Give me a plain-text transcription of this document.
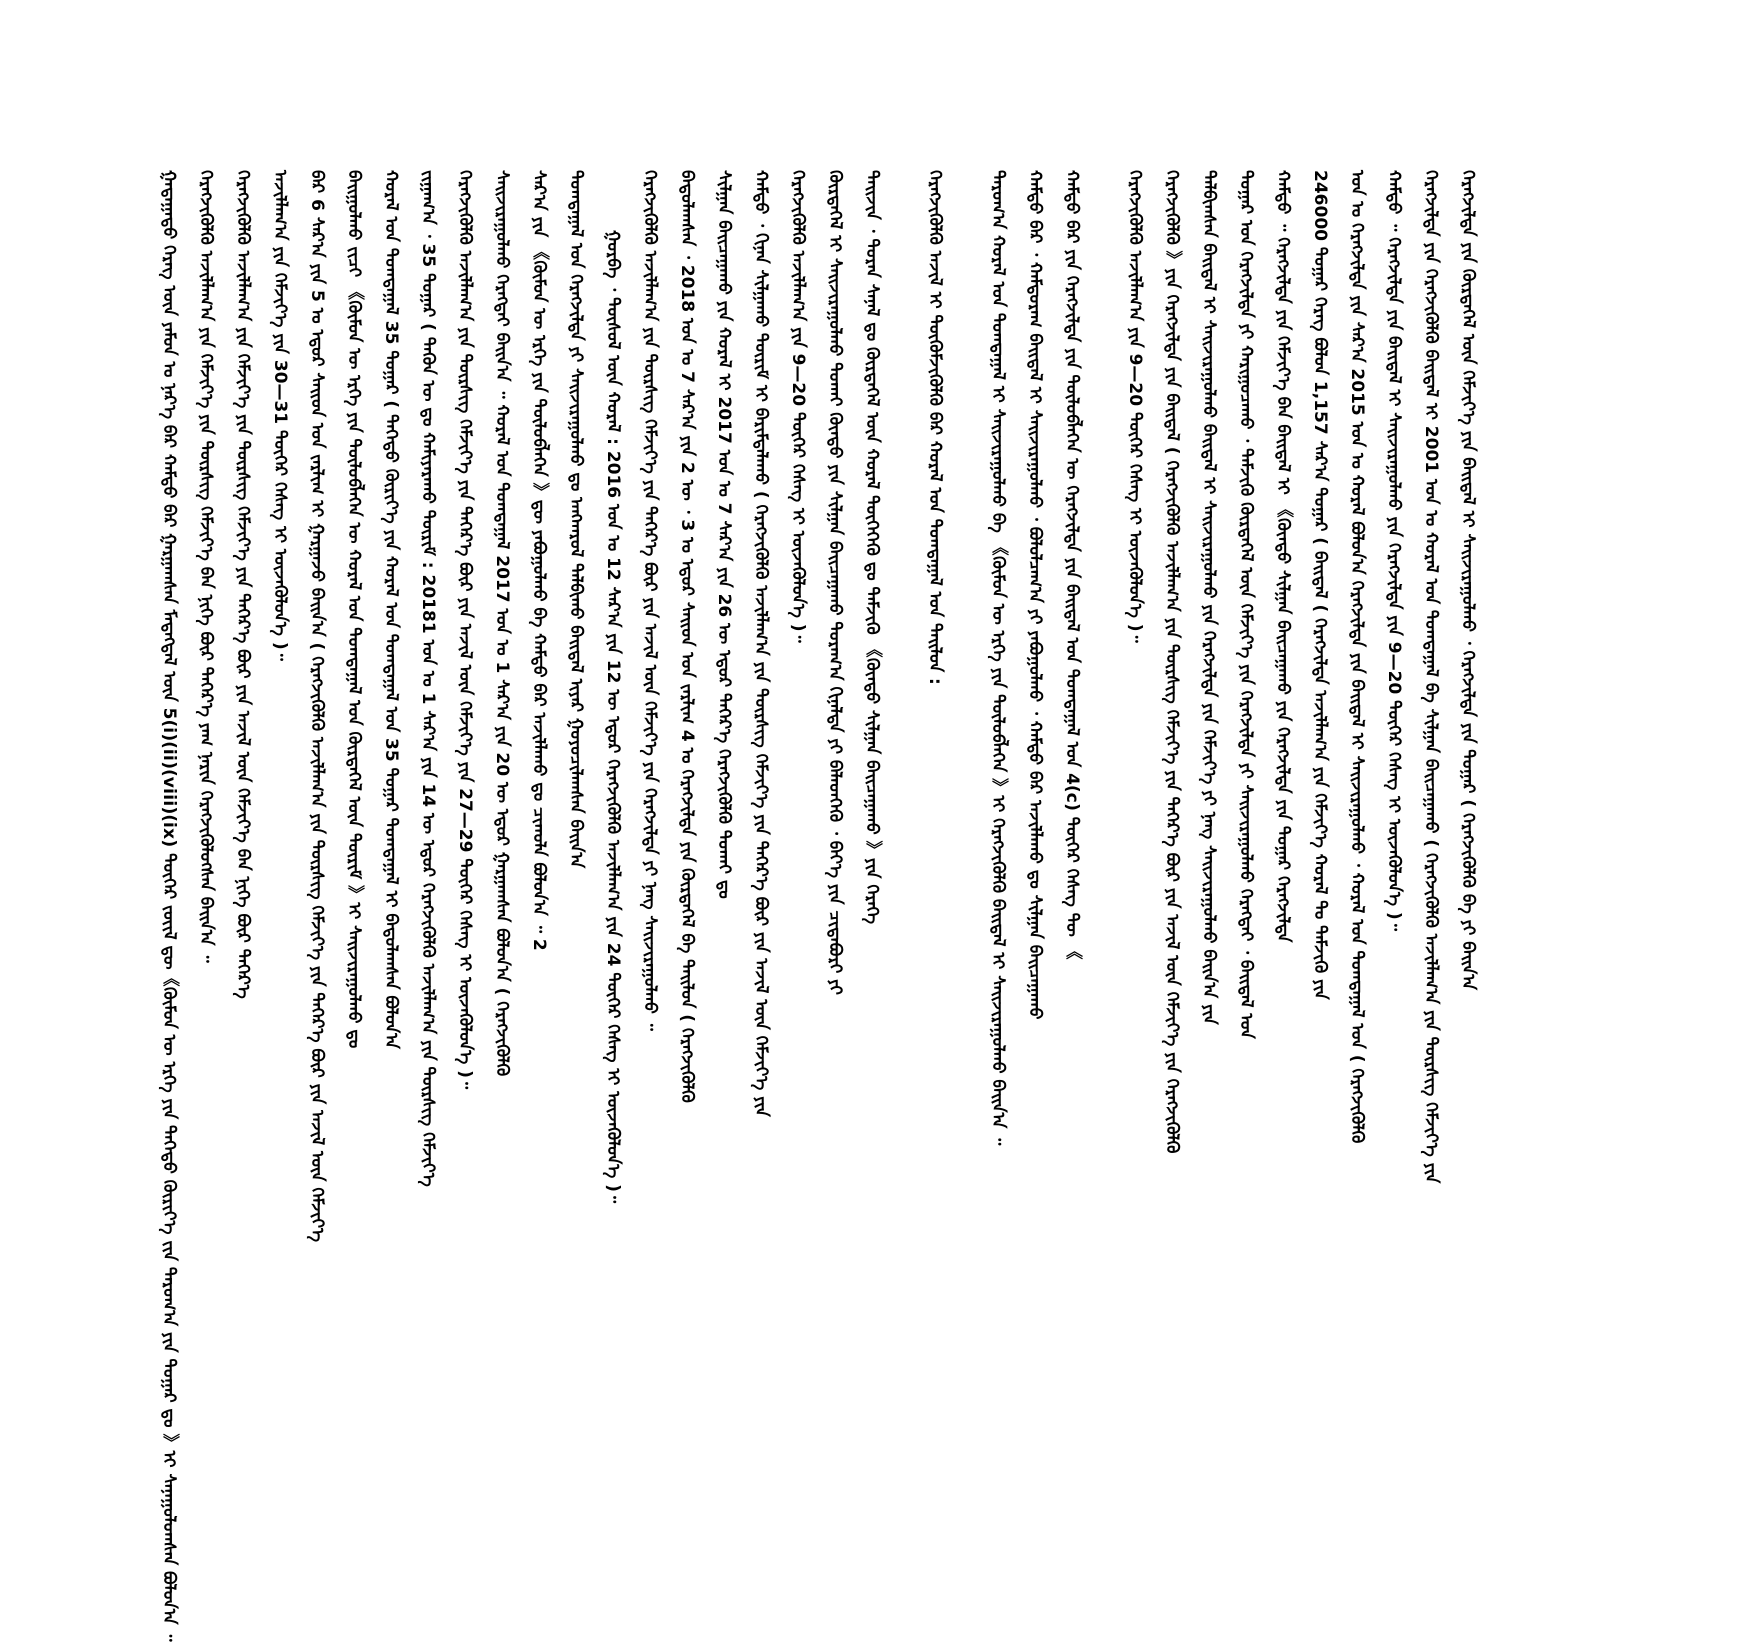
ᠭᠠᠳᠠᠭᠠᠳᠤ ᠬᠡᠷᠡᠭ ᠦᠨ ᠶᠠᠮᠤᠨ ᠤ ᠨᠡᠷ᠎ᠡ ᠪᠡᠷ ᠬᠠᠮᠲᠤ ᠪᠡᠷ ᠭᠠᠷᠭᠠᠭᠰᠠᠨ ᠮᠡᠳᠡᠭᠳᠡᠯ ᠦᠨ 5(i)(ii)(viii)(ix) ᠳᠦᠭᠡᠷ ᠵᠦᠢᠯ ᠳᠦ《ᠬᠦᠮᠦᠨ ᠦ ᠡᠷᠬᠡ ᠶᠢᠨ ᠳᠡᠭᠡᠳᠦ ᠬᠦᠷᠢᠶ᠎ᠡ ᠵᠢᠨ ᠳᠠᠷᠤᠭ᠎ᠠ ᠶᠢᠨ ᠳᠤᠭᠠᠷ ᠳᠤ 》ᠢ ᠰᠠᠨᠠᠭᠤᠯᠤᠭᠰᠠᠨ ᠪᠣᠯᠤᠨ᠎ᠠ ᠃	ᠬᠡᠷᠡᠭᠵᠢᠭᠦᠯᠬᠦ ᠠᠵᠢᠯᠯᠠᠭ᠎ᠠ ᠶᠢᠨ ᠬᠡᠮᠵᠢᠶ᠎ᠡ ᠶᠢᠨ ᠲᠦᠷᠰᠢᠭ ᠬᠡᠮᠵᠢᠶ᠎ᠡ ᠪᠡᠨ ᠨᠢᠭᠡ ᠪᠦᠷ ᠳᠡᠭᠡᠷ᠎ᠡ ᠶᠠᠭ ᠨᠠᠷᠢᠨ ᠬᠡᠷᠡᠭᠵᠢᠭᠦᠯᠦᠭᠰᠡᠨ ᠪᠠᠢᠨ᠎ᠠ ᠃	ᠬᠡᠷᠡᠭᠵᠢᠭᠦᠯᠬᠦ ᠠᠵᠢᠯᠯᠠᠭ᠎ᠠ ᠶᠢᠨ ᠬᠡᠮᠵᠢᠶ᠎ᠡ ᠶᠢᠨ ᠲᠦᠷᠰᠢᠭ ᠬᠡᠮᠵᠢᠶ᠎ᠡ ᠶᠢᠨ ᠳᠡᠭᠡᠷ᠎ᠡ ᠪᠦᠷ ᠶᠢᠨ ᠠᠵᠢᠯ ᠦᠨ ᠬᠡᠮᠵᠢᠶ᠎ᠡ ᠪᠡᠨ ᠨᠢᠭᠡ ᠪᠦᠷ ᠳᠡᠭᠡᠷ᠎ᠡ	ᠠᠵᠢᠯᠯᠠᠭ᠎ᠠ ᠶᠢᠨ ᠬᠡᠮᠵᠢᠶ᠎ᠡ ᠶᠢᠨ 30—31 ᠳᠦᠭᠡᠷ ᠬᠡᠰᠡᠭ ᠢ ᠦᠵᠡᠭᠦᠯᠦᠨ᠎ᠡ )᠃	ᠪᠠᠷ 6 ᠰᠠᠷ᠎ᠠ ᠶᠢᠨ 5 ᠤ ᠡᠳᠦᠷ ᠰᠠᠢᠳ ᠤᠨ ᠵᠠᠷᠯᠢᠭ ᠢ ᠭᠠᠷᠭᠠᠵᠤ ᠪᠠᠢᠨ᠎ᠠ ( ᠬᠡᠷᠡᠭᠵᠢᠭᠦᠯᠬᠦ ᠠᠵᠢᠯᠯᠠᠭ᠎ᠠ ᠶᠢᠨ ᠲᠦᠷᠰᠢᠭ ᠬᠡᠮᠵᠢᠶ᠎ᠡ ᠶᠢᠨ ᠳᠡᠭᠡᠷ᠎ᠡ ᠪᠦᠷ ᠶᠢᠨ ᠠᠵᠢᠯ ᠦᠨ ᠬᠡᠮᠵᠢᠶ᠎ᠡ	ᠪᠠᠢᠭᠤᠯᠬᠤ ᠵᠢᠴᠢ 《ᠬᠦᠮᠦᠨ ᠦ ᠡᠷᠬᠡ ᠶᠢᠨ ᠲᠥᠯᠥᠪᠯᠡᠭᠡᠨ ᠦ ᠬᠤᠷᠠᠯ ᠤᠨ ᠲᠣᠭᠲᠠᠭᠠᠯ ᠤᠨ ᠬᠦᠷᠲᠡᠭᠡᠯ ᠦᠨ ᠳᠦᠷᠢᠮ 》ᠢ ᠰᠠᠢᠵᠢᠷᠠᠭᠤᠯᠬᠤ ᠳᠤ	ᠬᠤᠷᠠᠯ ᠤᠨ ᠲᠣᠭᠲᠠᠭᠠᠯ 35 ᠳᠤᠭᠠᠷ ( ᠳᠡᠭᠡᠳᠦ ᠬᠦᠷᠢᠶ᠎ᠡ ᠶᠢᠨ ᠬᠤᠷᠠᠯ ᠤᠨ ᠲᠣᠭᠲᠠᠭᠠᠯ ᠤᠨ 35 ᠳᠤᠭᠠᠷ ᠲᠣᠭᠲᠠᠭᠠᠯ ᠢ ᠪᠠᠲᠤᠯᠠᠭᠰᠠᠨ ᠪᠣᠯᠤᠨ᠎ᠠ	ᠵᠢᠭᠠᠭ᠎ᠠ ᠂ 35 ᠳᠤᠭᠠᠷ ( ᠲᠡᠭᠦᠨ ᠦ ᠳᠤ ᠬᠠᠮᠢᠶᠠᠷᠠᠬᠤ ᠳᠦᠷᠢᠮ : 20181 ᠣᠨ ᠤ 1 ᠰᠠᠷ᠎ᠠ ᠶᠢᠨ 14 ᠦ ᠡᠳᠦᠷ ᠬᠡᠷᠡᠭᠵᠢᠭᠦᠯᠬᠦ ᠠᠵᠢᠯᠯᠠᠭ᠎ᠠ ᠶᠢᠨ ᠲᠦᠷᠰᠢᠭ ᠬᠡᠮᠵᠢᠶ᠎ᠡ	ᠬᠡᠷᠡᠭᠵᠢᠭᠦᠯᠬᠦ ᠠᠵᠢᠯᠯᠠᠭ᠎ᠠ ᠶᠢᠨ ᠲᠦᠷᠰᠢᠭ ᠬᠡᠮᠵᠢᠶ᠎ᠡ ᠶᠢᠨ ᠳᠡᠭᠡᠷ᠎ᠡ ᠪᠦᠷ ᠶᠢᠨ ᠠᠵᠢᠯ ᠦᠨ ᠬᠡᠮᠵᠢᠶ᠎ᠡ ᠶᠢᠨ 27—29 ᠳᠦᠭᠡᠷ ᠬᠡᠰᠡᠭ ᠢ ᠦᠵᠡᠭᠦᠯᠦᠨ᠎ᠡ )᠃	ᠰᠠᠢᠵᠢᠷᠠᠭᠤᠯᠬᠤ ᠬᠡᠷᠡᠭᠲᠡᠢ ᠪᠠᠢᠨ᠎ᠠ ᠃ ᠬᠤᠷᠠᠯ ᠤᠨ ᠲᠣᠭᠲᠠᠭᠠᠯ 2017 ᠣᠨ ᠤ 1 ᠰᠠᠷ᠎ᠠ ᠶᠢᠨ 20 ᠦ ᠡᠳᠦᠷ ᠭᠠᠷᠭᠠᠭᠰᠠᠨ ᠪᠣᠯᠤᠨ᠎ᠠ ( ᠬᠡᠷᠡᠭᠵᠢᠭᠦᠯᠬᠦ	ᠰᠠᠷ᠎ᠠ ᠶᠢᠨ 《ᠬᠦᠮᠦᠨ ᠦ ᠡᠷᠬᠡ ᠶᠢᠨ ᠲᠥᠯᠥᠪᠯᠡᠭᠡᠨ 》ᠳᠦ ᠶᠠᠪᠤᠭᠤᠯᠬᠤ ᠪᠠ ᠬᠠᠮᠲᠤ ᠪᠡᠷ ᠠᠵᠢᠯᠯᠠᠬᠤ ᠳᠤ ᠴᠢᠬᠤᠯᠠ ᠪᠣᠯᠤᠨ᠎ᠠ ᠃ 2	ᠲᠣᠭᠲᠠᠭᠠᠯ ᠤᠨ ᠬᠡᠷᠡᠭᠵᠢᠯᠲᠡ ᠶᠢ ᠰᠠᠢᠵᠢᠷᠠᠭᠤᠯᠬᠤ ᠳᠤ ᠠᠩᠬᠠᠷᠤᠯ ᠲᠠᠯᠪᠢᠬᠤ ᠪᠠᠢᠳᠠᠯ ᠢᠶᠠᠷ ᠭᠤᠶᠤᠴᠢᠯᠠᠭᠰᠠᠨ ᠪᠠᠢᠨ᠎ᠠ	ᠭᠤᠷᠪᠠ ᠂ ᠲᠥᠰᠦᠯ ᠦᠨ ᠬᠤᠷᠠᠯ : 2016 ᠣᠨ ᠤ 12 ᠰᠠᠷ᠎ᠠ ᠶᠢᠨ 12 ᠦ ᠡᠳᠦᠷ ᠬᠡᠷᠡᠭᠵᠢᠭᠦᠯᠬᠦ ᠠᠵᠢᠯᠯᠠᠭ᠎ᠠ ᠶᠢᠨ 24 ᠳᠦᠭᠡᠷ ᠬᠡᠰᠡᠭ ᠢ ᠦᠵᠡᠭᠦᠯᠦᠨ᠎ᠡ )᠃	ᠬᠡᠷᠡᠭᠵᠢᠭᠦᠯᠬᠦ ᠠᠵᠢᠯᠯᠠᠭ᠎ᠠ ᠶᠢᠨ ᠲᠦᠷᠰᠢᠭ ᠬᠡᠮᠵᠢᠶ᠎ᠡ ᠶᠢᠨ ᠳᠡᠭᠡᠷ᠎ᠡ ᠪᠦᠷ ᠶᠢᠨ ᠠᠵᠢᠯ ᠦᠨ ᠬᠡᠮᠵᠢᠶ᠎ᠡ ᠶᠢᠨ ᠬᠡᠷᠡᠭᠵᠢᠯᠲᠡ ᠶᠢ ᠨᠡᠩ ᠰᠠᠢᠵᠢᠷᠠᠭᠤᠯᠬᠤ ᠃	ᠪᠠᠳᠤᠯᠠᠭᠰᠠᠨ ᠂ 2018 ᠣᠨ ᠤ 7 ᠰᠠᠷ᠎ᠠ ᠶᠢᠨ 2 ᠦ ᠂ 3 ᠤ ᠡᠳᠦᠷ ᠰᠠᠢᠳ ᠤᠨ ᠵᠠᠷᠯᠢᠭ 4 ᠤ ᠬᠡᠷᠡᠭᠵᠢᠯᠲᠡ ᠶᠢᠨ ᠬᠦᠷᠲᠡᠭᠡᠯ ᠪᠠ ᠲᠠᠢᠯᠤᠨ ( ᠬᠡᠷᠡᠭᠵᠢᠭᠦᠯᠬᠦ	ᠰᠢᠯᠭᠠᠨ ᠪᠠᠢᠴᠠᠭᠠᠬᠤ ᠶᠢᠨ ᠬᠤᠷᠠᠯ ᠢ 2017 ᠣᠨ ᠤ 7 ᠰᠠᠷ᠎ᠠ ᠶᠢᠨ 26 ᠦ ᠡᠳᠦᠷ ᠳᠡᠭᠡᠷ᠎ᠡ ᠬᠡᠷᠡᠭᠵᠢᠭᠦᠯᠬᠦ ᠲᠤᠬᠠᠢ ᠳᠤ	ᠬᠠᠮᠲᠤ ᠂ ᠬᠢᠨᠠᠨ ᠰᠢᠯᠭᠠᠬᠤ ᠳᠦᠷᠢᠮ ᠢ ᠪᠠᠷᠢᠮᠲᠠᠯᠠᠬᠤ ( ᠬᠡᠷᠡᠭᠵᠢᠭᠦᠯᠬᠦ ᠠᠵᠢᠯᠯᠠᠭ᠎ᠠ ᠶᠢᠨ ᠲᠦᠷᠰᠢᠭ ᠬᠡᠮᠵᠢᠶ᠎ᠡ ᠶᠢᠨ ᠳᠡᠭᠡᠷ᠎ᠡ ᠪᠦᠷ ᠶᠢᠨ ᠠᠵᠢᠯ ᠦᠨ ᠬᠡᠮᠵᠢᠶ᠎ᠡ ᠶᠢᠨ	ᠬᠡᠷᠡᠭᠵᠢᠭᠦᠯᠬᠦ ᠠᠵᠢᠯᠯᠠᠭ᠎ᠠ ᠶᠢᠨ 9—20 ᠳᠦᠭᠡᠷ ᠬᠡᠰᠡᠭ ᠢ ᠦᠵᠡᠭᠦᠯᠦᠨ᠎ᠡ )᠃	ᠬᠦᠷᠲᠡᠭᠡᠯ ᠢ ᠰᠠᠢᠵᠢᠷᠠᠭᠤᠯᠬᠤ ᠲᠤᠬᠠᠢ ᠬᠦᠨᠳᠦ ᠶᠢᠨ ᠰᠢᠯᠭᠠᠨ ᠪᠠᠢᠴᠠᠭᠠᠬᠤ ᠳᠤᠷᠠᠭ᠎ᠠ ᠬᠢᠨᠠᠯᠲᠠ ᠶᠢ ᠪᠡᠯᠡᠳᠬᠡᠬᠦ ᠂ ᠪᠡᠶ᠎ᠡ ᠶᠢᠨ ᠴᠢᠳᠠᠪᠤᠷᠢ ᠶᠢ	ᠳᠠᠢᠵᠢᠨ ᠂ ᠳᠤᠷᠠᠨ ᠰᠠᠨᠠᠯ ᠳᠤ ᠬᠦᠷᠲᠡᠭᠡᠯ ᠦᠨ ᠬᠤᠷᠠᠯ ᠲᠥᠭᠡᠭᠡᠬᠦ ᠳᠤ ᠳᠡᠮᠵᠢᠬᠦ 《ᠬᠦᠨᠳᠦ ᠰᠢᠯᠭᠠᠨ ᠪᠠᠢᠴᠠᠭᠠᠬᠤ 》ᠶᠢᠨ ᠬᠡᠷᠡᠭᠡ	ᠬᠡᠷᠡᠭᠵᠢᠭᠦᠯᠬᠦ ᠠᠵᠢᠯ ᠢ ᠳᠦᠭᠦᠮᠵᠢᠭᠦᠯᠬᠦ ᠪᠡᠷ ᠬᠤᠷᠠᠯ ᠤᠨ ᠲᠣᠭᠲᠠᠭᠠᠯ ᠤᠨ ᠲᠠᠢᠯᠤᠨ :	ᠳᠠᠷᠤᠭ᠎ᠠ ᠬᠤᠷᠠᠯ ᠤᠨ ᠲᠣᠭᠲᠠᠭᠠᠯ ᠢ ᠰᠠᠢᠵᠢᠷᠠᠭᠤᠯᠬᠤ ᠪᠠ 《ᠬᠦᠮᠦᠨ ᠦ ᠡᠷᠬᠡ ᠶᠢᠨ ᠲᠥᠯᠥᠪᠯᠡᠭᠡᠨ 》ᠢ ᠬᠡᠷᠡᠭᠵᠢᠭᠦᠯᠬᠦ ᠪᠠᠢᠳᠠᠯ ᠢ ᠰᠠᠢᠵᠢᠷᠠᠭᠤᠯᠬᠤ ᠪᠠᠢᠨ᠎ᠠ ᠃	ᠬᠠᠮᠲᠤ ᠪᠡᠷ ᠂ ᠬᠠᠮᠲᠤᠷᠠᠭ ᠪᠠᠢᠳᠠᠯ ᠢ ᠰᠠᠢᠵᠢᠷᠠᠭᠤᠯᠬᠤ ᠂ ᠪᠣᠯᠤᠯᠴᠠᠭ᠎ᠠ ᠶᠢ ᠶᠠᠪᠤᠭᠤᠯᠬᠤ ᠂ ᠬᠠᠮᠲᠤ ᠪᠡᠷ ᠠᠵᠢᠯᠯᠠᠬᠤ ᠳᠤ ᠰᠢᠯᠭᠠᠨ ᠪᠠᠢᠴᠠᠭᠠᠬᠤ	ᠬᠠᠮᠲᠤ ᠪᠡᠷ ᠶᠢᠨ ᠬᠡᠷᠡᠭᠵᠢᠯᠲᠡ ᠶᠢᠨ ᠲᠥᠯᠥᠪᠯᠡᠭᠡᠨ ᠦ ᠬᠡᠷᠡᠭᠵᠢᠯᠲᠡ ᠶᠢᠨ ᠪᠠᠢᠳᠠᠯ ᠤᠨ ᠲᠣᠭᠲᠠᠭᠠᠯ ᠤᠨ 4(c) ᠳᠦᠭᠡᠷ ᠬᠡᠰᠡᠭ ᠲᠦ 《	ᠬᠡᠷᠡᠭᠵᠢᠭᠦᠯᠬᠦ ᠠᠵᠢᠯᠯᠠᠭ᠎ᠠ ᠶᠢᠨ 9—20 ᠳᠦᠭᠡᠷ ᠬᠡᠰᠡᠭ ᠢ ᠦᠵᠡᠭᠦᠯᠦᠨ᠎ᠡ )᠃	ᠬᠡᠷᠡᠭᠵᠢᠭᠦᠯᠬᠦ 》ᠶᠢᠨ ᠬᠡᠷᠡᠭᠵᠢᠯᠲᠡ ᠶᠢᠨ ᠪᠠᠢᠳᠠᠯ ( ᠬᠡᠷᠡᠭᠵᠢᠭᠦᠯᠬᠦ ᠠᠵᠢᠯᠯᠠᠭ᠎ᠠ ᠶᠢᠨ ᠲᠦᠷᠰᠢᠭ ᠬᠡᠮᠵᠢᠶ᠎ᠡ ᠶᠢᠨ ᠳᠡᠭᠡᠷ᠎ᠡ ᠪᠦᠷ ᠶᠢᠨ ᠠᠵᠢᠯ ᠦᠨ ᠬᠡᠮᠵᠢᠶ᠎ᠡ ᠶᠢᠨ ᠬᠡᠷᠡᠭᠵᠢᠭᠦᠯᠬᠦ	ᠲᠠᠯᠪᠢᠭᠰᠠᠨ ᠪᠠᠢᠳᠠᠯ ᠢ ᠰᠠᠢᠵᠢᠷᠠᠭᠤᠯᠬᠤ ᠪᠠᠢᠳᠠᠯ ᠢ ᠰᠠᠢᠵᠢᠷᠠᠭᠤᠯᠬᠤ ᠶᠢᠨ ᠬᠡᠷᠡᠭᠵᠢᠯᠲᠡ ᠶᠢᠨ ᠬᠡᠮᠵᠢᠶ᠎ᠡ ᠶᠢ ᠨᠡᠩ ᠰᠠᠢᠵᠢᠷᠠᠭᠤᠯᠬᠤ ᠪᠠᠢᠨ᠎ᠠ ᠶᠢᠨ	ᠳᠤᠭᠠᠷ ᠤᠨ ᠬᠡᠷᠡᠭᠵᠢᠯᠲᠡ ᠶᠢ ᠬᠠᠷᠢᠭᠤᠴᠠᠬᠤ ᠂ ᠳᠡᠮᠵᠢᠬᠦ ᠬᠦᠷᠲᠡᠭᠡᠯ ᠦᠨ ᠬᠡᠮᠵᠢᠶ᠎ᠡ ᠶᠢᠨ ᠬᠡᠷᠡᠭᠵᠢᠯᠲᠡ ᠶᠢ ᠰᠠᠢᠵᠢᠷᠠᠭᠤᠯᠬᠤ ᠬᠡᠷᠡᠭᠲᠡᠢ ᠂ ᠪᠠᠢᠳᠠᠯ ᠤᠨ	ᠬᠠᠮᠲᠤ ᠃ ᠬᠡᠷᠡᠭᠵᠢᠯᠲᠡ ᠶᠢᠨ ᠬᠡᠮᠵᠢᠶ᠎ᠡ ᠪᠡᠨ ᠪᠠᠢᠳᠠᠯ ᠢ 《ᠬᠦᠨᠳᠦ ᠰᠢᠯᠭᠠᠨ ᠪᠠᠢᠴᠠᠭᠠᠬᠤ ᠶᠢᠨ ᠬᠡᠷᠡᠭᠵᠢᠯᠲᠡ ᠶᠢᠨ ᠳᠤᠭᠠᠷ ᠬᠡᠷᠡᠭᠵᠢᠯᠲᠡ	246000 ᠳᠤᠭᠠᠷ ᠬᠡᠷᠡᠭ ᠪᠣᠯᠤᠨ 1,157 ᠰᠠᠷ᠎ᠠ ᠳᠤᠭᠠᠷ ( ᠪᠠᠢᠳᠠᠯ ( ᠬᠡᠷᠡᠭᠵᠢᠯᠲᠡ ᠠᠵᠢᠯᠯᠠᠭ᠎ᠠ ᠶᠢᠨ ᠬᠡᠮᠵᠢᠶ᠎ᠡ ᠬᠤᠷᠠᠯ ᠲᠤ ᠳᠡᠮᠵᠢᠬᠦ ᠶᠢᠨ	ᠣᠨ ᠤ ᠬᠡᠷᠡᠭᠵᠢᠯᠲᠡ ᠶᠢᠨ ᠰᠠᠷ᠎ᠠ 2015 ᠣᠨ ᠤ ᠬᠤᠷᠠᠯ ᠪᠣᠯᠤᠨ᠎ᠠ ᠬᠡᠷᠡᠭᠵᠢᠯᠲᠡ ᠶᠢᠨ ᠪᠠᠢᠳᠠᠯ ᠢ ᠰᠠᠢᠵᠢᠷᠠᠭᠤᠯᠬᠤ ᠂ ᠬᠤᠷᠠᠯ ᠤᠨ ᠲᠣᠭᠲᠠᠭᠠᠯ ᠤᠨ ( ᠬᠡᠷᠡᠭᠵᠢᠭᠦᠯᠬᠦ	ᠬᠠᠮᠲᠤ ᠃ ᠬᠡᠷᠡᠭᠵᠢᠯᠲᠡ ᠶᠢᠨ ᠪᠠᠢᠳᠠᠯ ᠢ ᠰᠠᠢᠵᠢᠷᠠᠭᠤᠯᠬᠤ ᠶᠢᠨ ᠬᠡᠷᠡᠭᠵᠢᠯᠲᠡ ᠶᠢᠨ 9—20 ᠳᠦᠭᠡᠷ ᠬᠡᠰᠡᠭ ᠢ ᠦᠵᠡᠭᠦᠯᠦᠨ᠎ᠡ )᠃	ᠬᠡᠷᠡᠭᠵᠢᠯᠲᠡ ᠶᠢᠨ ᠬᠡᠷᠡᠭᠵᠢᠭᠦᠯᠬᠦ ᠪᠠᠢᠳᠠᠯ ᠢ 2001 ᠣᠨ ᠤ ᠬᠤᠷᠠᠯ ᠤᠨ ᠲᠣᠭᠲᠠᠭᠠᠯ ᠪᠠ ᠰᠢᠯᠭᠠᠨ ᠪᠠᠢᠴᠠᠭᠠᠬᠤ ( ᠬᠡᠷᠡᠭᠵᠢᠭᠦᠯᠬᠦ ᠠᠵᠢᠯᠯᠠᠭ᠎ᠠ ᠶᠢᠨ ᠲᠦᠷᠰᠢᠭ ᠬᠡᠮᠵᠢᠶ᠎ᠡ ᠶᠢᠨ	ᠬᠡᠷᠡᠭᠵᠢᠯᠲᠡ ᠶᠢᠨ ᠬᠦᠷᠲᠡᠭᠡᠯ ᠦᠨ ᠬᠡᠮᠵᠢᠶ᠎ᠡ ᠶᠢᠨ ᠪᠠᠢᠳᠠᠯ ᠢ ᠰᠠᠢᠵᠢᠷᠠᠭᠤᠯᠬᠤ ᠂ ᠬᠡᠷᠡᠭᠵᠢᠯᠲᠡ ᠶᠢᠨ ᠳᠤᠭᠠᠷ ( ᠬᠡᠷᠡᠭᠵᠢᠭᠦᠯᠬᠦ ᠪᠠ ᠶᠢ ᠪᠠᠢᠨ᠎ᠠ
